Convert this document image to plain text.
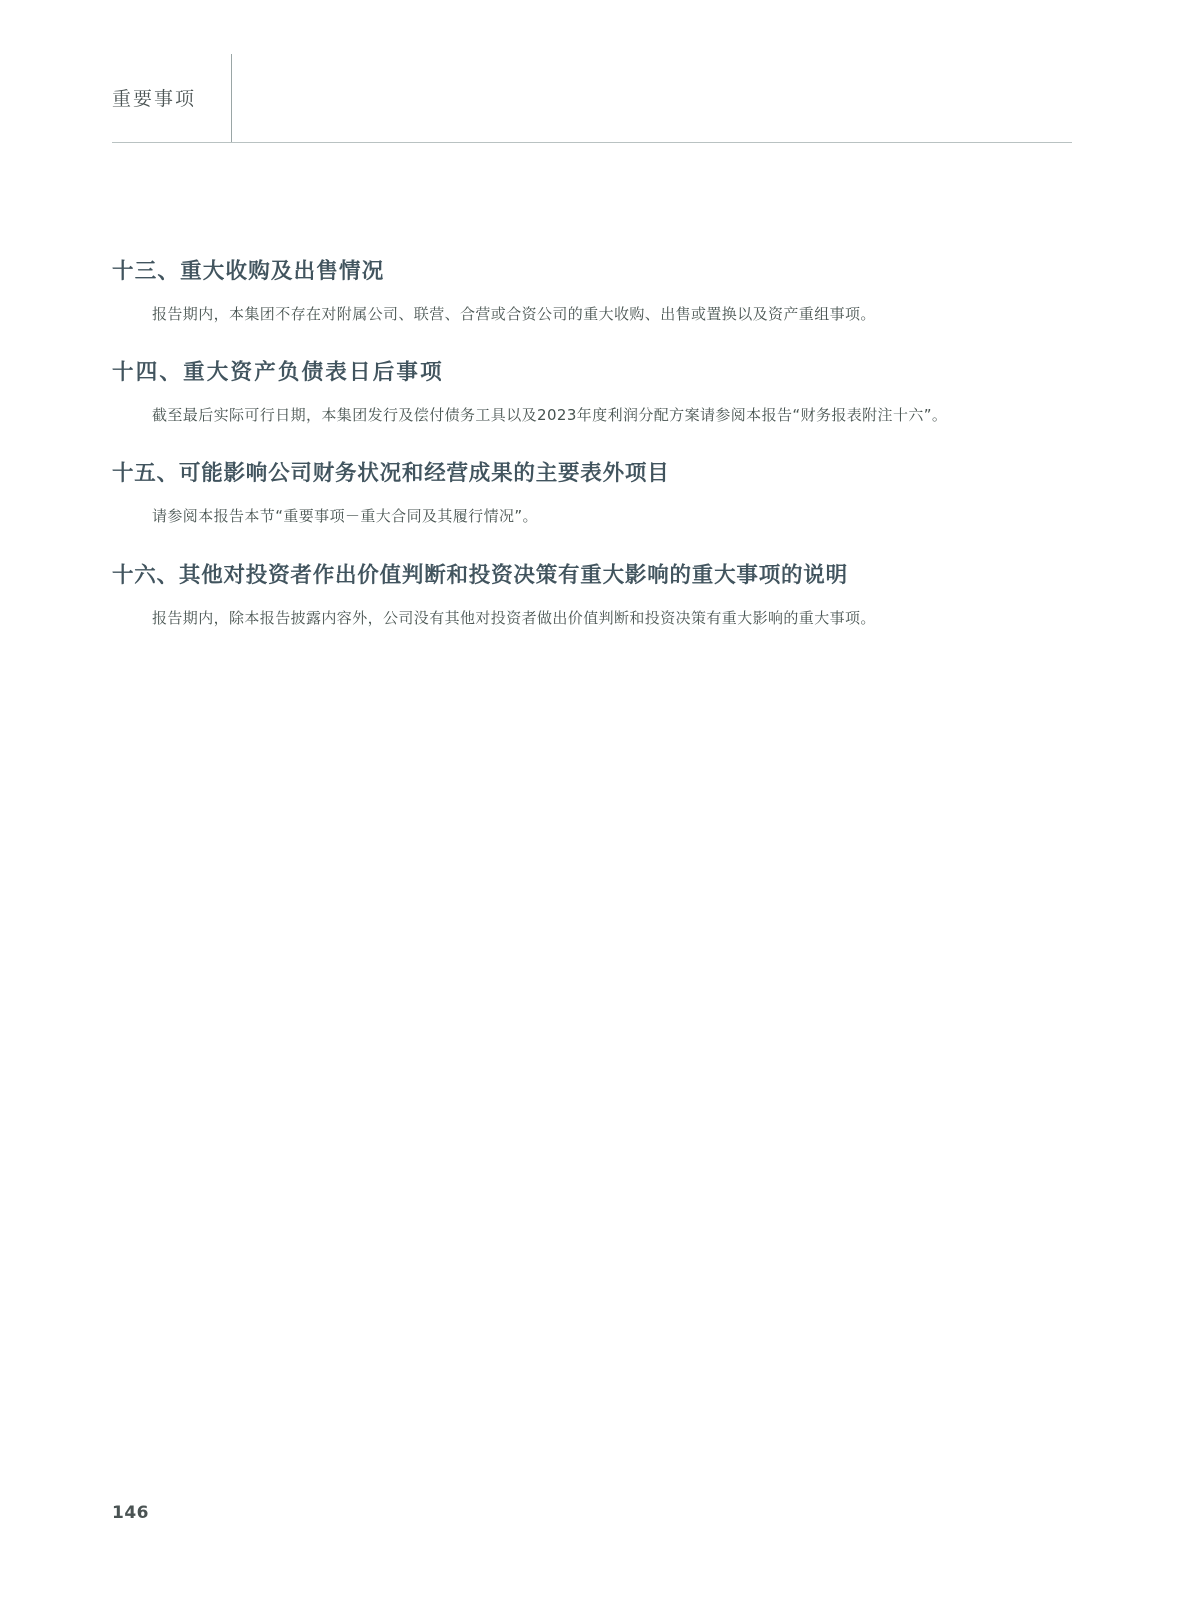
重要事项
十三、重大收购及出售情况

报告期内，本集团不存在对附属公司、联营、合营或合资公司的重大收购、出售或置换以及资产重组事项。

十四、重大资产负债表日后事项

截至最后实际可行日期，本集团发行及偿付债务工具以及2023年度利润分配方案请参阅本报告“财务报表附注十六”。

十五、可能影响公司财务状况和经营成果的主要表外项目

请参阅本报告本节“重要事项－重大合同及其履行情况”。

十六、其他对投资者作出价值判断和投资决策有重大影响的重大事项的说明

报告期内，除本报告披露内容外，公司没有其他对投资者做出价值判断和投资决策有重大影响的重大事项。

146
